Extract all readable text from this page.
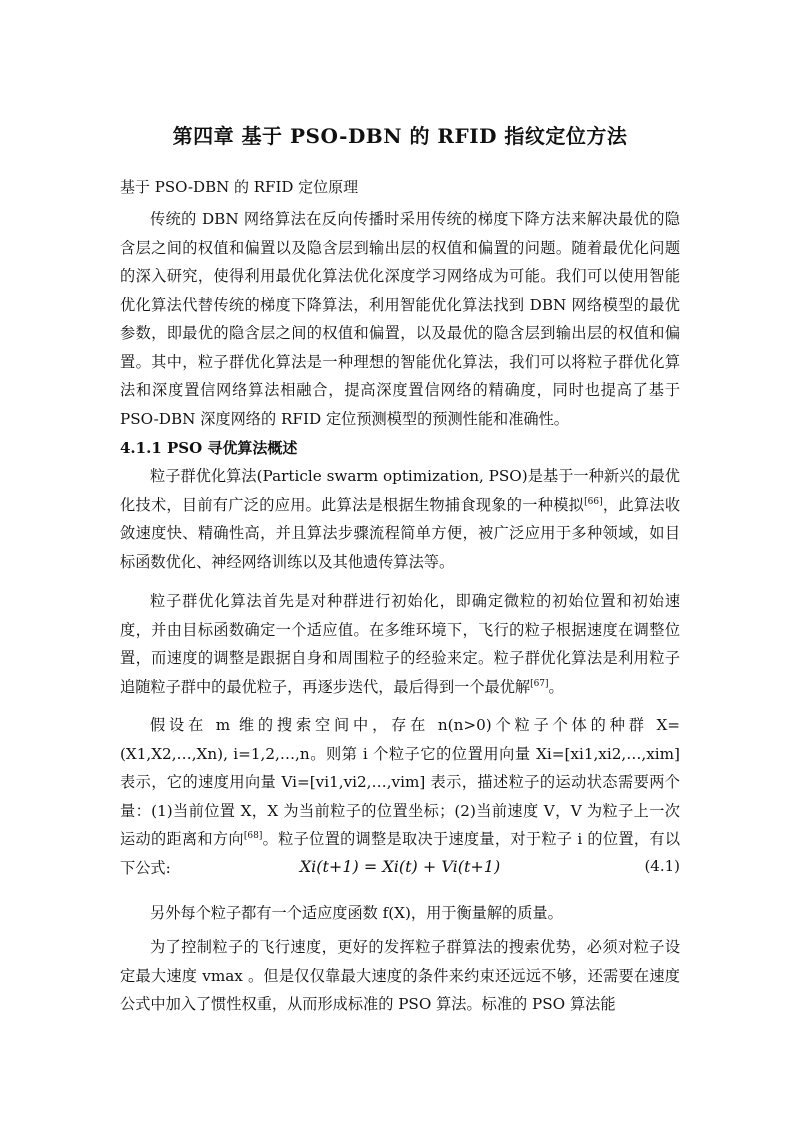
第四章 基于 PSO-DBN 的 RFID 指纹定位方法
基于 PSO-DBN 的 RFID 定位原理

传统的 DBN 网络算法在反向传播时采用传统的梯度下降方法来解决最优的隐含层之间的权值和偏置以及隐含层到输出层的权值和偏置的问题。随着最优化问题的深入研究，使得利用最优化算法优化深度学习网络成为可能。我们可以使用智能优化算法代替传统的梯度下降算法，利用智能优化算法找到 DBN 网络模型的最优参数，即最优的隐含层之间的权值和偏置，以及最优的隐含层到输出层的权值和偏置。其中，粒子群优化算法是一种理想的智能优化算法，我们可以将粒子群优化算法和深度置信网络算法相融合，提高深度置信网络的精确度，同时也提高了基于 PSO-DBN 深度网络的 RFID 定位预测模型的预测性能和准确性。

4.1.1 PSO 寻优算法概述

粒子群优化算法(Particle swarm optimization, PSO)是基于一种新兴的最优化技术，目前有广泛的应用。此算法是根据生物捕食现象的一种模拟[66]，此算法收敛速度快、精确性高，并且算法步骤流程简单方便，被广泛应用于多种领域，如目标函数优化、神经网络训练以及其他遗传算法等。

粒子群优化算法首先是对种群进行初始化，即确定微粒的初始位置和初始速度，并由目标函数确定一个适应值。在多维环境下，飞行的粒子根据速度在调整位置，而速度的调整是跟据自身和周围粒子的经验来定。粒子群优化算法是利用粒子追随粒子群中的最优粒子，再逐步迭代，最后得到一个最优解[67]。

假设在 m 维的搜索空间中，存在 n(n>0)个粒子个体的种群 X=(X1,X2,…,Xn), i=1,2,…,n。则第 i 个粒子它的位置用向量 Xi=[xi1,xi2,…,xim] 表示，它的速度用向量 Vi=[vi1,vi2,…,vim] 表示，描述粒子的运动状态需要两个量：(1)当前位置 X，X 为当前粒子的位置坐标；(2)当前速度 V，V 为粒子上一次运动的距离和方向[68]。粒子位置的调整是取决于速度量，对于粒子 i 的位置，有以下公式:	Xi(t+1) = Xi(t) + Vi(t+1)	(4.1)

另外每个粒子都有一个适应度函数 f(X)，用于衡量解的质量。

为了控制粒子的飞行速度，更好的发挥粒子群算法的搜索优势，必须对粒子设定最大速度 vmax 。但是仅仅靠最大速度的条件来约束还远远不够，还需要在速度公式中加入了惯性权重，从而形成标准的 PSO 算法。标准的 PSO 算法能
